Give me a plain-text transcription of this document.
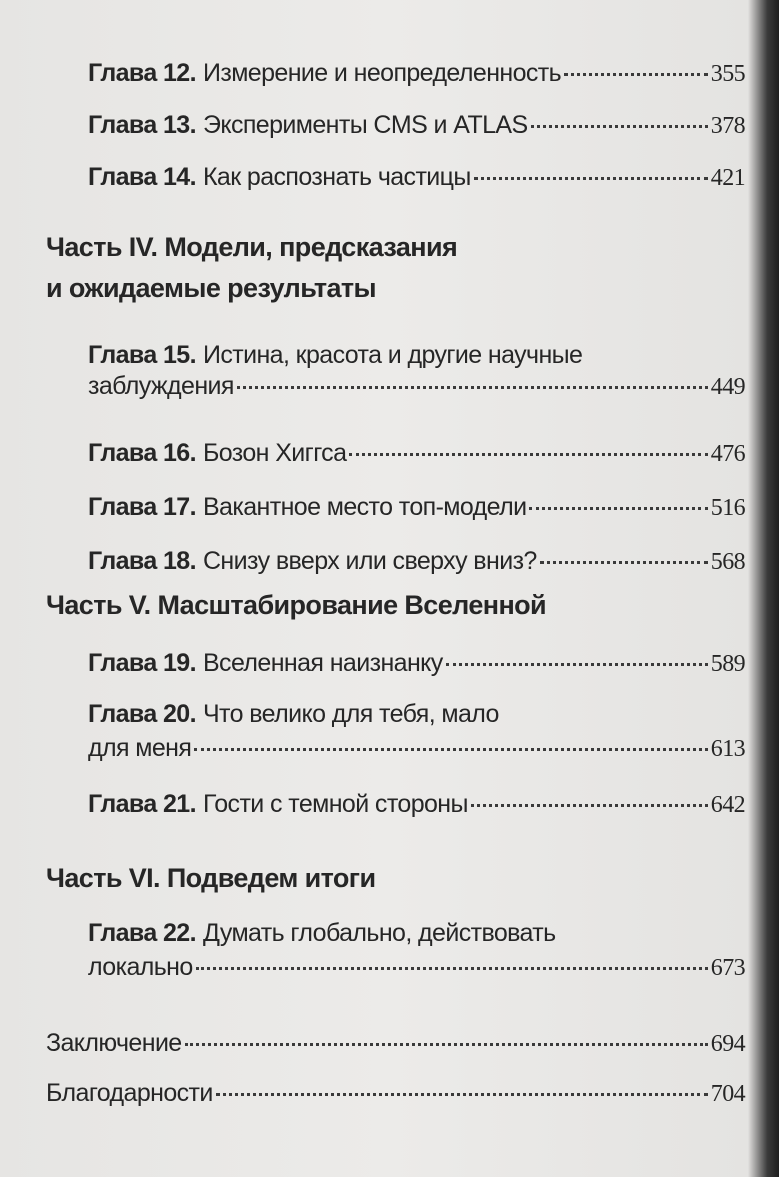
Глава 12. Измерение и неопределенность	355
Глава 13. Эксперименты CMS и ATLAS	378
Глава 14. Как распознать частицы	421
Часть IV. Модели, предсказания
и ожидаемые результаты
Глава 15. Истина, красота и другие научные
заблуждения	449
Глава 16. Бозон Хиггса	476
Глава 17. Вакантное место топ-модели	516
Глава 18. Снизу вверх или сверху вниз?	568
Часть V. Масштабирование Вселенной
Глава 19. Вселенная наизнанку	589
Глава 20. Что велико для тебя, мало
для меня	613
Глава 21. Гости с темной стороны	642
Часть VI. Подведем итоги
Глава 22. Думать глобально, действовать
локально	673
Заключение	694
Благодарности	704
